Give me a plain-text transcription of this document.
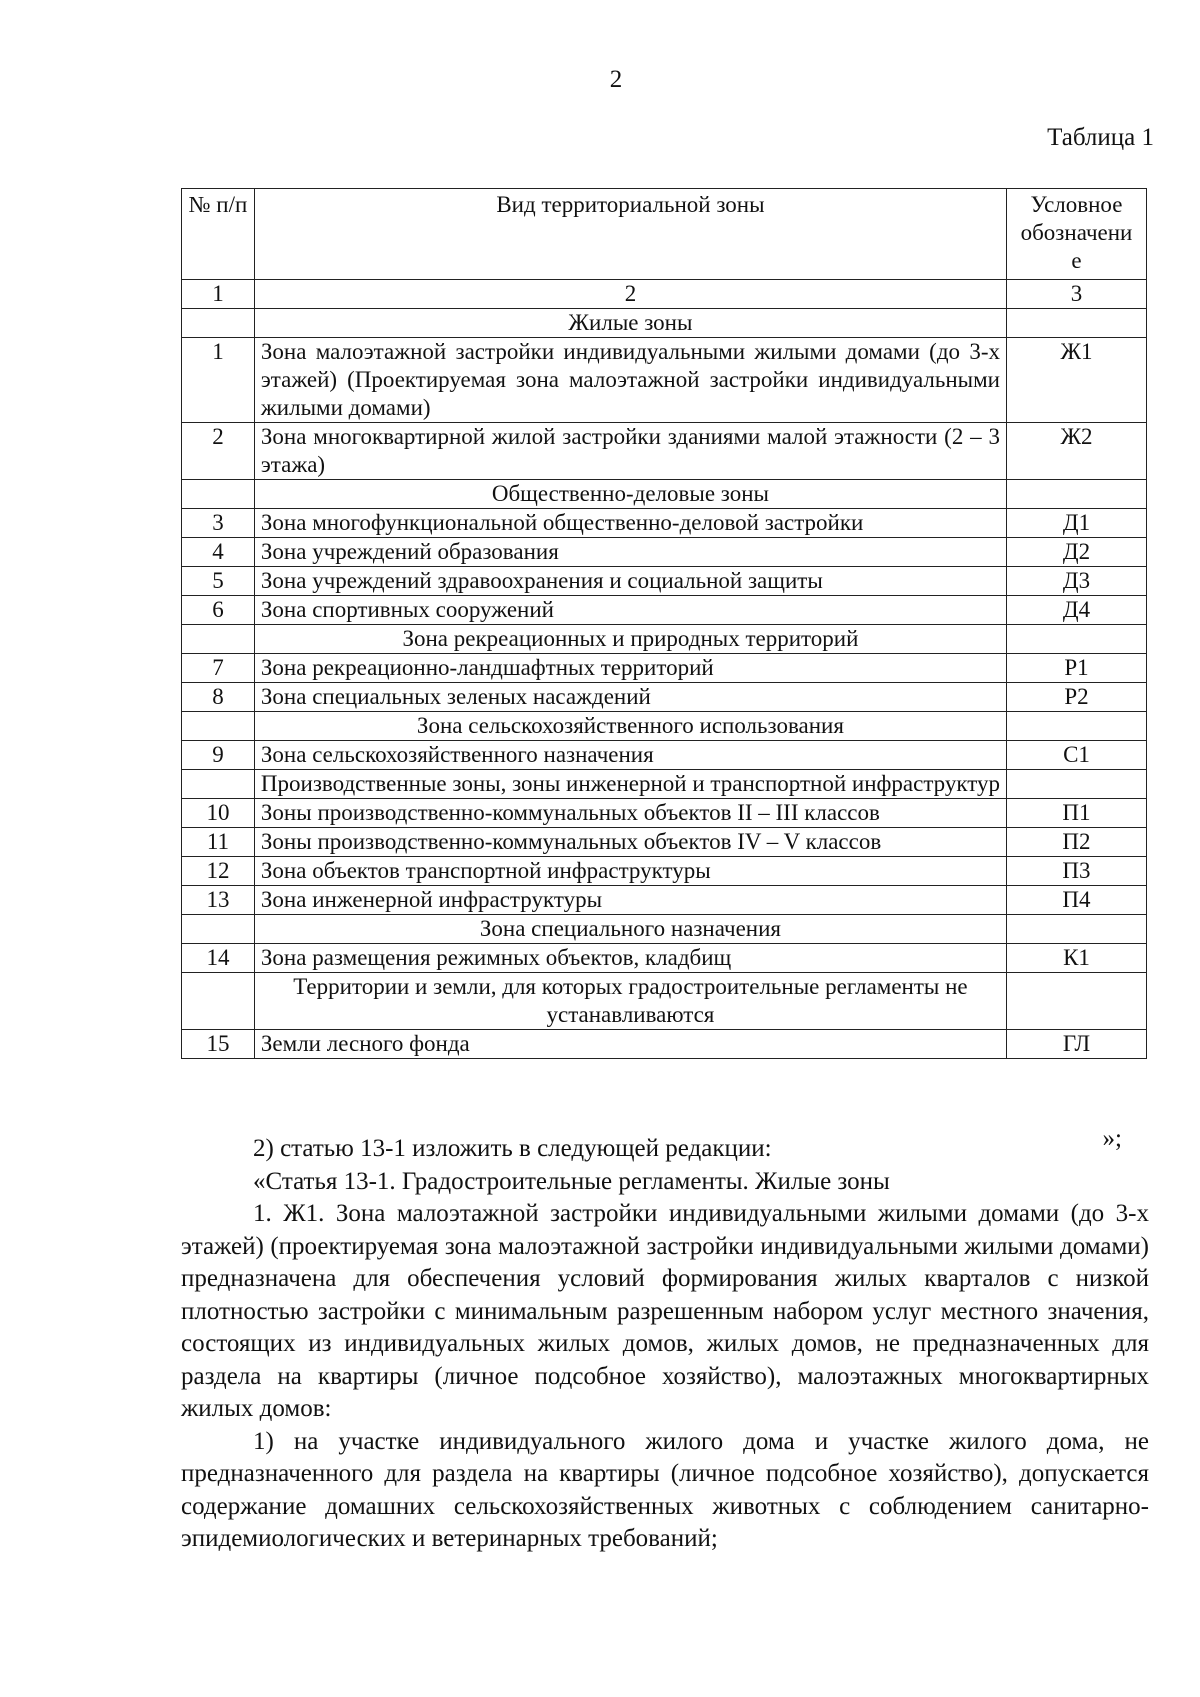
2
Таблица 1
№ п/п	Вид территориальной зоны	Условное
обозначени
е
1	2	3
	Жилые зоны	
1	Зона малоэтажной застройки индивидуальными жилыми домами (до 3-х этажей) (Проектируемая зона малоэтажной застройки индивидуальными жилыми домами)	Ж1
2	Зона многоквартирной жилой застройки зданиями малой этажности (2 – 3 этажа)	Ж2
	Общественно-деловые зоны	
3	Зона многофункциональной общественно-деловой застройки	Д1
4	Зона учреждений образования	Д2
5	Зона учреждений здравоохранения и социальной защиты	Д3
6	Зона спортивных сооружений	Д4
	Зона рекреационных и природных территорий	
7	Зона рекреационно-ландшафтных территорий	Р1
8	Зона специальных зеленых насаждений	Р2
	Зона сельскохозяйственного использования	
9	Зона сельскохозяйственного назначения	С1
	Производственные зоны, зоны инженерной и транспортной инфраструктур	
10	Зоны производственно-коммунальных объектов II – III классов	П1
11	Зоны производственно-коммунальных объектов IV – V классов	П2
12	Зона объектов транспортной инфраструктуры	П3
13	Зона инженерной инфраструктуры	П4
	Зона специального назначения	
14	Зона размещения режимных объектов, кладбищ	К1
	Территории и земли, для которых градостроительные регламенты не устанавливаются	
15	Земли лесного фонда	ГЛ
»;

2) статью 13-1 изложить в следующей редакции:

«Статья 13-1. Градостроительные регламенты. Жилые зоны

1. Ж1. Зона малоэтажной застройки индивидуальными жилыми домами (до 3-х этажей) (проектируемая зона малоэтажной застройки индивидуальными жилыми домами) предназначена для обеспечения условий формирования жилых кварталов с низкой плотностью застройки с минимальным разрешенным набором услуг местного значения, состоящих из индивидуальных жилых домов, жилых домов, не предназначенных для раздела на квартиры (личное подсобное хозяйство), малоэтажных многоквартирных жилых домов:

1) на участке индивидуального жилого дома и участке жилого дома, не предназначенного для раздела на квартиры (личное подсобное хозяйство), допускается содержание домашних сельскохозяйственных животных с соблюдением санитарно-эпидемиологических и ветеринарных требований;
